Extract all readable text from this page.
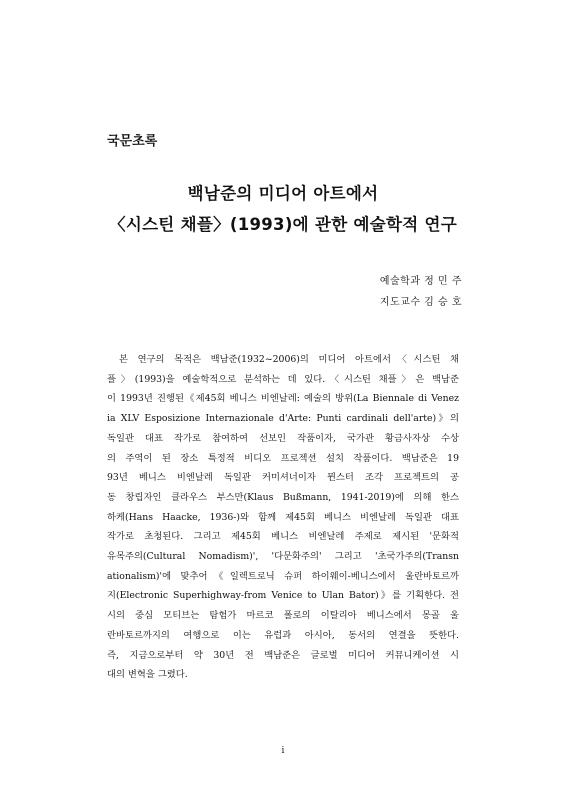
국문초록
백남준의 미디어 아트에서
〈시스틴 채플〉(1993)에 관한 예술학적 연구
예술학과 정 민 주
지도교수 김 승 호
본 연구의 목적은 백남준(1932~2006)의 미디어 아트에서〈시스틴 채
플〉(1993)을 예술학적으로 분석하는 데 있다.〈시스틴 채플〉은 백남준
이 1993년 진행된《제45회 베니스 비엔날레: 예술의 방위(La Biennale di Venez
ia XLV Esposizione Internazionale d'Arte: Punti cardinali dell'arte)》의
독일관 대표 작가로 참여하여 선보인 작품이자, 국가관 황금사자상 수상
의 주역이 된 장소 특정적 비디오 프로젝션 설치 작품이다. 백남준은 19
93년 베니스 비엔날레 독일관 커미셔너이자 뮌스터 조각 프로젝트의 공
동 창립자인 클라우스 부스만(Klaus Bußmann, 1941-2019)에 의해 한스
하케(Hans Haacke, 1936-)와 함께 제45회 베니스 비엔날레 독일관 대표
작가로 초청된다. 그리고 제45회 베니스 비엔날레 주제로 제시된 '문화적
유목주의(Cultural Nomadism)', '다문화주의' 그리고 '초국가주의(Transn
ationalism)'에 맞추어《일렉트로닉 슈퍼 하이웨이-베니스에서 울란바토르까
지(Electronic Superhighway-from Venice to Ulan Bator)》를 기획한다. 전
시의 중심 모티브는 탐험가 마르코 폴로의 이탈리아 베니스에서 몽골 울
란바토르까지의 여행으로 이는 유럽과 아시아, 동서의 연결을 뜻한다.
즉, 지금으로부터 약 30년 전 백남준은 글로벌 미디어 커뮤니케이션 시
대의 변혁을 그렸다.
i
